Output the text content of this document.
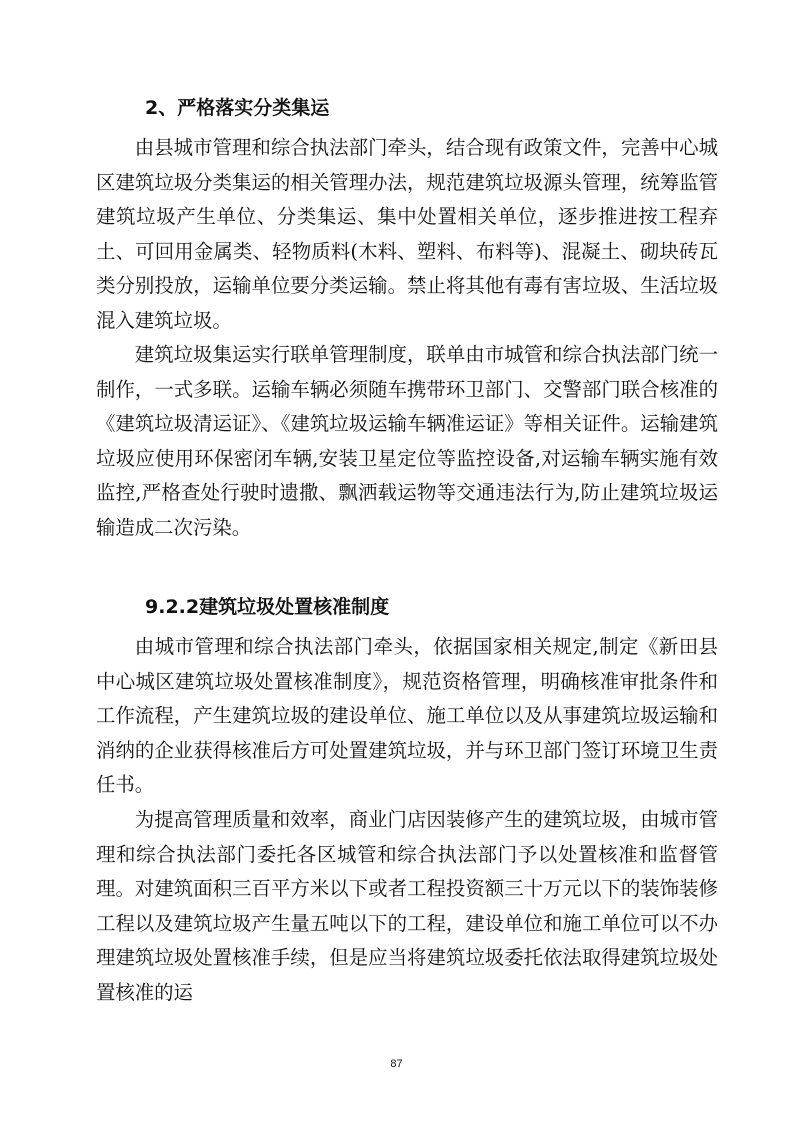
2、严格落实分类集运

由县城市管理和综合执法部门牵头，结合现有政策文件，完善中心城区建筑垃圾分类集运的相关管理办法，规范建筑垃圾源头管理，统筹监管建筑垃圾产生单位、分类集运、集中处置相关单位，逐步推进按工程弃土、可回用金属类、轻物质料(木料、塑料、布料等)、混凝土、砌块砖瓦类分别投放，运输单位要分类运输。禁止将其他有毒有害垃圾、生活垃圾混入建筑垃圾。

建筑垃圾集运实行联单管理制度，联单由市城管和综合执法部门统一制作，一式多联。运输车辆必须随车携带环卫部门、交警部门联合核准的《建筑垃圾清运证》、《建筑垃圾运输车辆准运证》等相关证件。运输建筑垃圾应使用环保密闭车辆,安装卫星定位等监控设备,对运输车辆实施有效监控,严格查处行驶时遗撒、飘洒载运物等交通违法行为,防止建筑垃圾运输造成二次污染。

9.2.2建筑垃圾处置核准制度

由城市管理和综合执法部门牵头，依据国家相关规定,制定《新田县中心城区建筑垃圾处置核准制度》，规范资格管理，明确核准审批条件和工作流程，产生建筑垃圾的建设单位、施工单位以及从事建筑垃圾运输和消纳的企业获得核准后方可处置建筑垃圾，并与环卫部门签订环境卫生责任书。

为提高管理质量和效率，商业门店因装修产生的建筑垃圾，由城市管理和综合执法部门委托各区城管和综合执法部门予以处置核准和监督管理。对建筑面积三百平方米以下或者工程投资额三十万元以下的装饰装修工程以及建筑垃圾产生量五吨以下的工程，建设单位和施工单位可以不办理建筑垃圾处置核准手续，但是应当将建筑垃圾委托依法取得建筑垃圾处置核准的运

87
